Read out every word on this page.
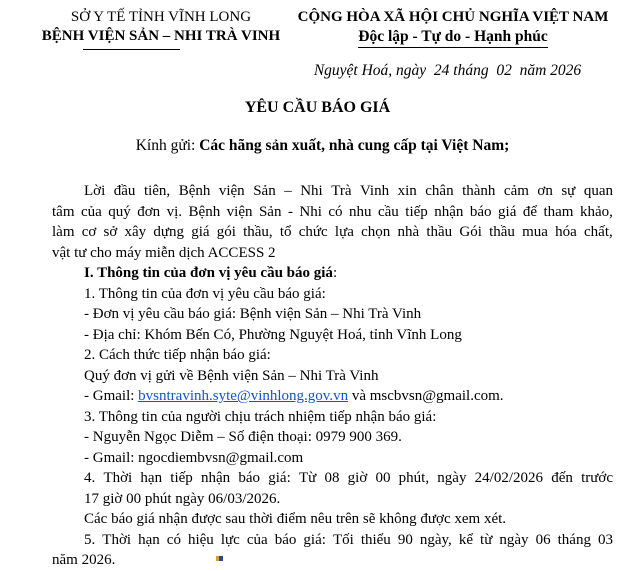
SỞ Y TẾ TỈNH VĨNH LONG
BỆNH VIỆN SẢN – NHI TRÀ VINH
CỘNG HÒA XÃ HỘI CHỦ NGHĨA VIỆT NAM
Độc lập - Tự do - Hạnh phúc
Nguyệt Hoá, ngày  24 tháng  02  năm 2026
YÊU CẦU BÁO GIÁ
Kính gửi: Các hãng sản xuất, nhà cung cấp tại Việt Nam;
Lời đầu tiên, Bệnh viện Sản – Nhi Trà Vinh xin chân thành cảm ơn sự quan
tâm của quý đơn vị. Bệnh viện Sản - Nhi có nhu cầu tiếp nhận báo giá để tham khảo,
làm cơ sở xây dựng giá gói thầu, tổ chức lựa chọn nhà thầu Gói thầu mua hóa chất,
vật tư cho máy miễn dịch ACCESS 2
I. Thông tin của đơn vị yêu cầu báo giá:
1. Thông tin của đơn vị yêu cầu báo giá:
- Đơn vị yêu cầu báo giá: Bệnh viện Sản – Nhi Trà Vinh
- Địa chỉ: Khóm Bến Có, Phường Nguyệt Hoá, tỉnh Vĩnh Long
2. Cách thức tiếp nhận báo giá:
Quý đơn vị gửi về Bệnh viện Sản – Nhi Trà Vinh
- Gmail: bvsntravinh.syte@vinhlong.gov.vn và mscbvsn@gmail.com.
3. Thông tin của người chịu trách nhiệm tiếp nhận báo giá:
- Nguyễn Ngọc Diễm – Số điện thoại: 0979 900 369.
- Gmail: ngocdiembvsn@gmail.com
4. Thời hạn tiếp nhận báo giá: Từ 08 giờ 00 phút, ngày 24/02/2026 đến trước
17 giờ 00 phút ngày 06/03/2026.
Các báo giá nhận được sau thời điểm nêu trên sẽ không được xem xét.
5. Thời hạn có hiệu lực của báo giá: Tối thiểu 90 ngày, kể từ ngày 06 tháng 03
năm 2026.
